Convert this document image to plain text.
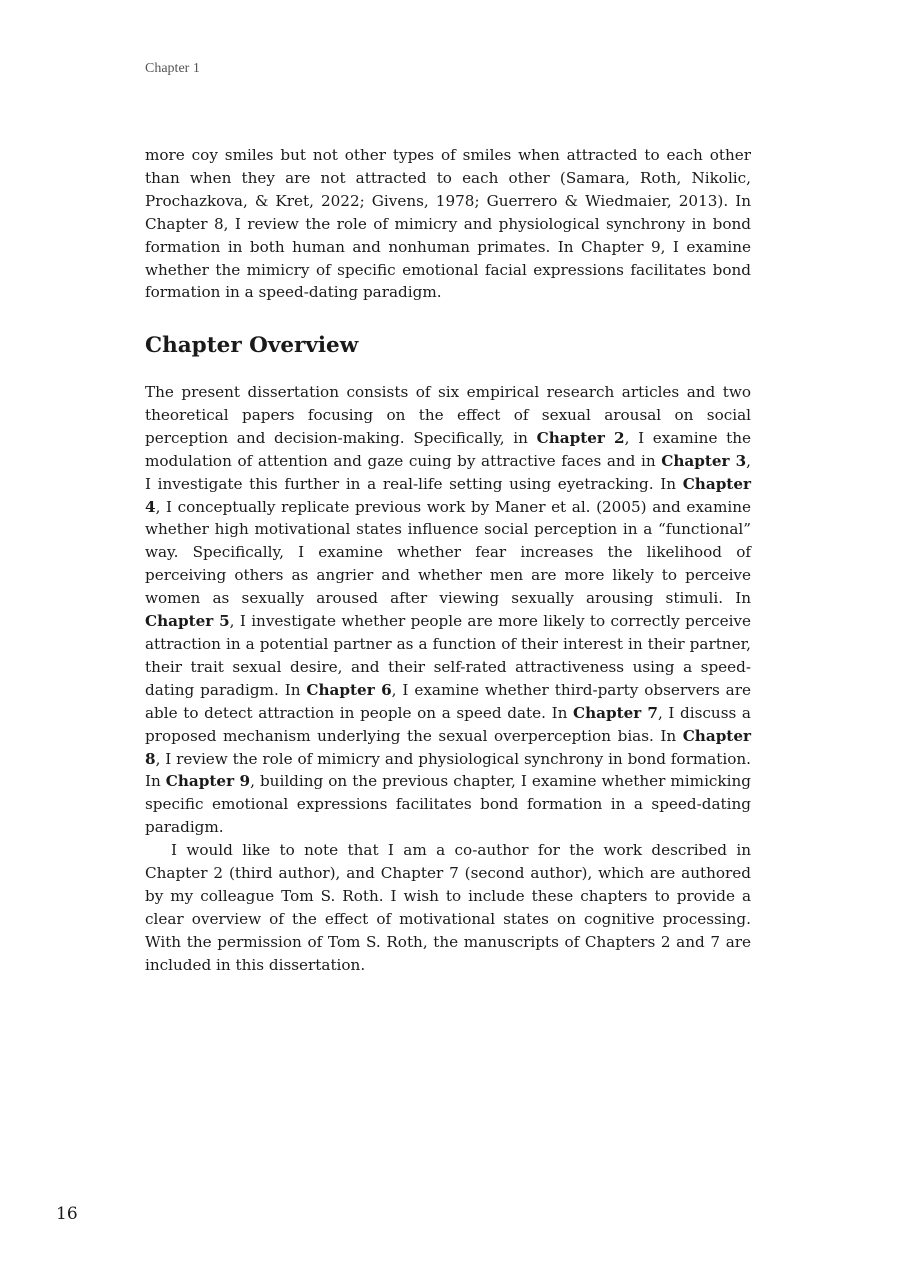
Chapter 1
more coy smiles but not other types of smiles when attracted to each other than when they are not attracted to each other (Samara, Roth, Nikolic, Prochazkova, & Kret, 2022; Givens, 1978; Guerrero & Wiedmaier, 2013). In Chapter 8, I review the role of mimicry and physiological synchrony in bond formation in both human and nonhuman primates. In Chapter 9, I examine whether the mimicry of specific emotional facial expressions facilitates bond formation in a speed-dating paradigm.
Chapter Overview

The present dissertation consists of six empirical research articles and two theoretical papers focusing on the effect of sexual arousal on social perception and decision-making. Specifically, in Chapter 2, I examine the modulation of attention and gaze cuing by attractive faces and in Chapter 3, I investigate this further in a real-life setting using eyetracking. In Chapter 4, I conceptually replicate previous work by Maner et al. (2005) and examine whether high motivational states influence social perception in a “functional” way. Specifically, I examine whether fear increases the likelihood of perceiving others as angrier and whether men are more likely to perceive women as sexually aroused after viewing sexually arousing stimuli. In Chapter 5, I investigate whether people are more likely to correctly perceive attraction in a potential partner as a function of their interest in their partner, their trait sexual desire, and their self-rated attractiveness using a speed-dating paradigm. In Chapter 6, I examine whether third-party observers are able to detect attraction in people on a speed date. In Chapter 7, I discuss a proposed mechanism underlying the sexual overperception bias. In Chapter 8, I review the role of mimicry and physiological synchrony in bond formation. In Chapter 9, building on the previous chapter, I examine whether mimicking specific emotional expressions facilitates bond formation in a speed-dating paradigm.

I would like to note that I am a co-author for the work described in Chapter 2 (third author), and Chapter 7 (second author), which are authored by my colleague Tom S. Roth. I wish to include these chapters to provide a clear overview of the effect of motivational states on cognitive processing. With the permission of Tom S. Roth, the manuscripts of Chapters 2 and 7 are included in this dissertation.

16
